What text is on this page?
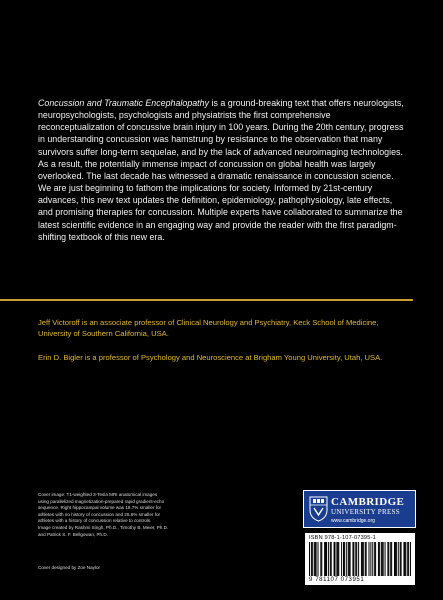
Concussion and Traumatic Encephalopathy is a ground-breaking text that offers neurologists, neuropsychologists, psychologists and physiatrists the first comprehensive reconceptualization of concussive brain injury in 100 years. During the 20th century, progress in understanding concussion was hamstrung by resistance to the observation that many survivors suffer long-term sequelae, and by the lack of advanced neuroimaging technologies. As a result, the potentially immense impact of concussion on global health was largely overlooked. The last decade has witnessed a dramatic renaissance in concussion science. We are just beginning to fathom the implications for society. Informed by 21st-century advances, this new text updates the definition, epidemiology, pathophysiology, late effects, and promising therapies for concussion. Multiple experts have collaborated to summarize the latest scientific evidence in an engaging way and provide the reader with the first paradigm-shifting textbook of this new era.

Jeff Victoroff is an associate professor of Clinical Neurology and Psychiatry, Keck School of Medicine, University of Southern California, USA.

Erin D. Bigler is a professor of Psychology and Neuroscience at Brigham Young University, Utah, USA.

Cover image: T1-weighted 3-Tesla MRI anatomical images
using parallelized magnetization-prepared rapid gradient-echo
sequence. Right hippocampal volume was 16.7% smaller for
athletes with no history of concussion and 25.6% smaller for
athletes with a history of concussion relative to controls.
Image created by Rashmi Singh, Ph.D., Timothy B. Meier, Ph.D.
and Patrick S. F. Bellgowan, Ph.D.
Cover designed by Zoe Naylor
CAMBRIDGE
UNIVERSITY PRESS
www.cambridge.org
ISBN 978-1-107-07395-1
9 781107 073951
